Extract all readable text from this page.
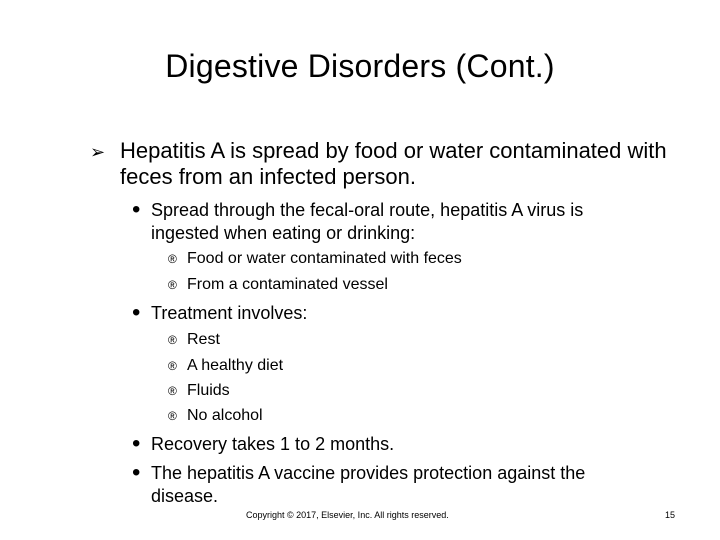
Digestive Disorders (Cont.)
➢ Hepatitis A is spread by food or water contaminated with feces from an infected person.
• Spread through the fecal-oral route, hepatitis A virus is ingested when eating or drinking:
® Food or water contaminated with feces
® From a contaminated vessel
• Treatment involves:
® Rest
® A healthy diet
® Fluids
® No alcohol
• Recovery takes 1 to 2 months.
• The hepatitis A vaccine provides protection against the disease.
Copyright © 2017, Elsevier, Inc. All rights reserved.	15
